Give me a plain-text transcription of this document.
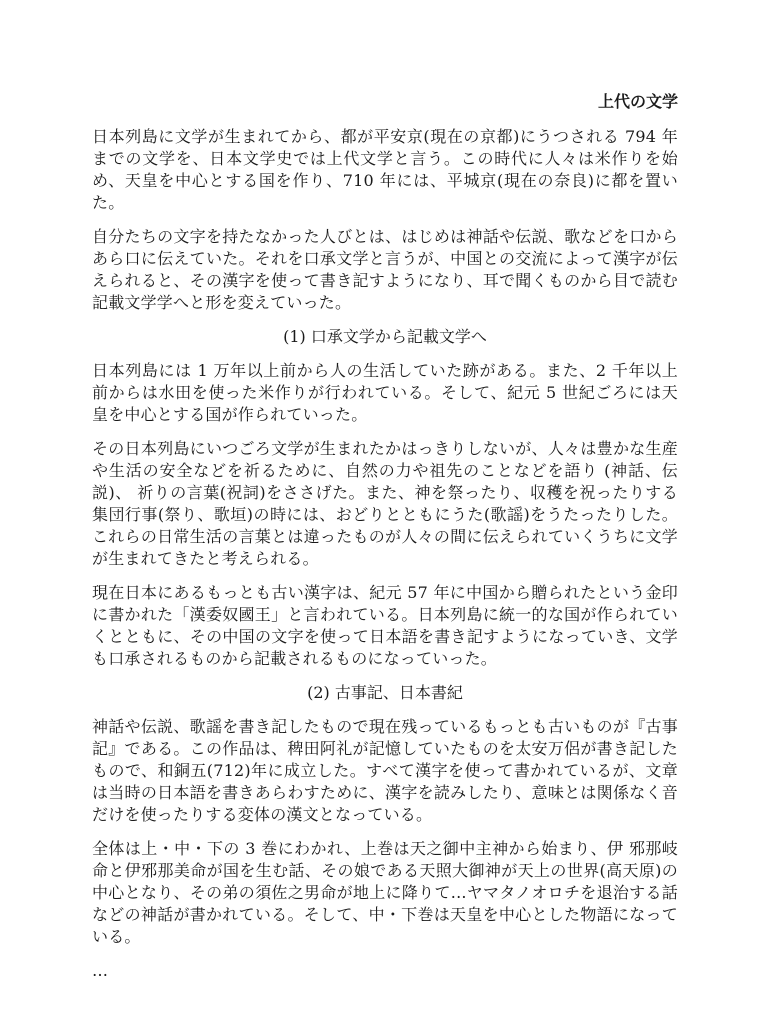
上代の文学

日本列島に文学が生まれてから、都が平安京(現在の京都)にうつされる 794 年までの文学を、日本文学史では上代文学と言う。この時代に人々は米作りを始め、天皇を中心とする国を作り、710 年には、平城京(現在の奈良)に都を置いた。

自分たちの文字を持たなかった人びとは、はじめは神話や伝説、歌などを口からあら口に伝えていた。それを口承文学と言うが、中国との交流によって漢字が伝えられると、その漢字を使って書き記すようになり、耳で聞くものから目で読む記載文学学へと形を変えていった。

(1) 口承文学から記載文学へ

日本列島には 1 万年以上前から人の生活していた跡がある。また、2 千年以上前からは水田を使った米作りが行われている。そして、紀元 5 世紀ごろには天皇を中心とする国が作られていった。

その日本列島にいつごろ文学が生まれたかはっきりしないが、人々は豊かな生産や生活の安全などを祈るために、自然の力や祖先のことなどを語り (神話、伝説)、 祈りの言葉(祝詞)をささげた。また、神を祭ったり、収穫を祝ったりする集団行事(祭り、歌垣)の時には、おどりとともにうた(歌謡)をうたったりした。これらの日常生活の言葉とは違ったものが人々の間に伝えられていくうちに文学が生まれてきたと考えられる。

現在日本にあるもっとも古い漢字は、紀元 57 年に中国から贈られたという金印に書かれた「漢委奴國王」と言われている。日本列島に統一的な国が作られていくとともに、その中国の文字を使って日本語を書き記すようになっていき、文学も口承されるものから記載されるものになっていった。

(2) 古事記、日本書紀

神話や伝説、歌謡を書き記したもので現在残っているもっとも古いものが『古事記』である。この作品は、稗田阿礼が記憶していたものを太安万侶が書き記したもので、和銅五(712)年に成立した。すべて漢字を使って書かれているが、文章は当時の日本語を書きあらわすために、漢字を読みしたり、意味とは関係なく音だけを使ったりする変体の漢文となっている。

全体は上・中・下の 3 巻にわかれ、上巻は天之御中主神から始まり、伊 邪那岐命と伊邪那美命が国を生む話、その娘である天照大御神が天上の世界(高天原)の中心となり、その弟の須佐之男命が地上に降りて...ヤマタノオロチを退治する話などの神話が書かれている。そして、中・下巻は天皇を中心とした物語になっている。

…
